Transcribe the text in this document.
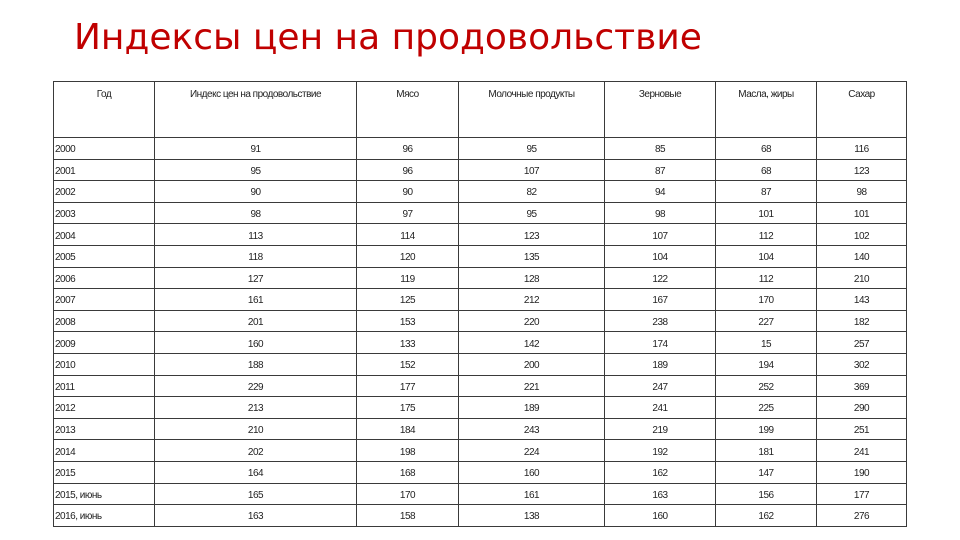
Индексы цен на продовольствие
Год	Индекс цен на продовольствие	Мясо	Молочные продукты	Зерновые	Масла, жиры	Сахар
2000	91	96	95	85	68	116
2001	95	96	107	87	68	123
2002	90	90	82	94	87	98
2003	98	97	95	98	101	101
2004	113	114	123	107	112	102
2005	118	120	135	104	104	140
2006	127	119	128	122	112	210
2007	161	125	212	167	170	143
2008	201	153	220	238	227	182
2009	160	133	142	174	15	257
2010	188	152	200	189	194	302
2011	229	177	221	247	252	369
2012	213	175	189	241	225	290
2013	210	184	243	219	199	251
2014	202	198	224	192	181	241
2015	164	168	160	162	147	190
2015, июнь	165	170	161	163	156	177
2016, июнь	163	158	138	160	162	276
